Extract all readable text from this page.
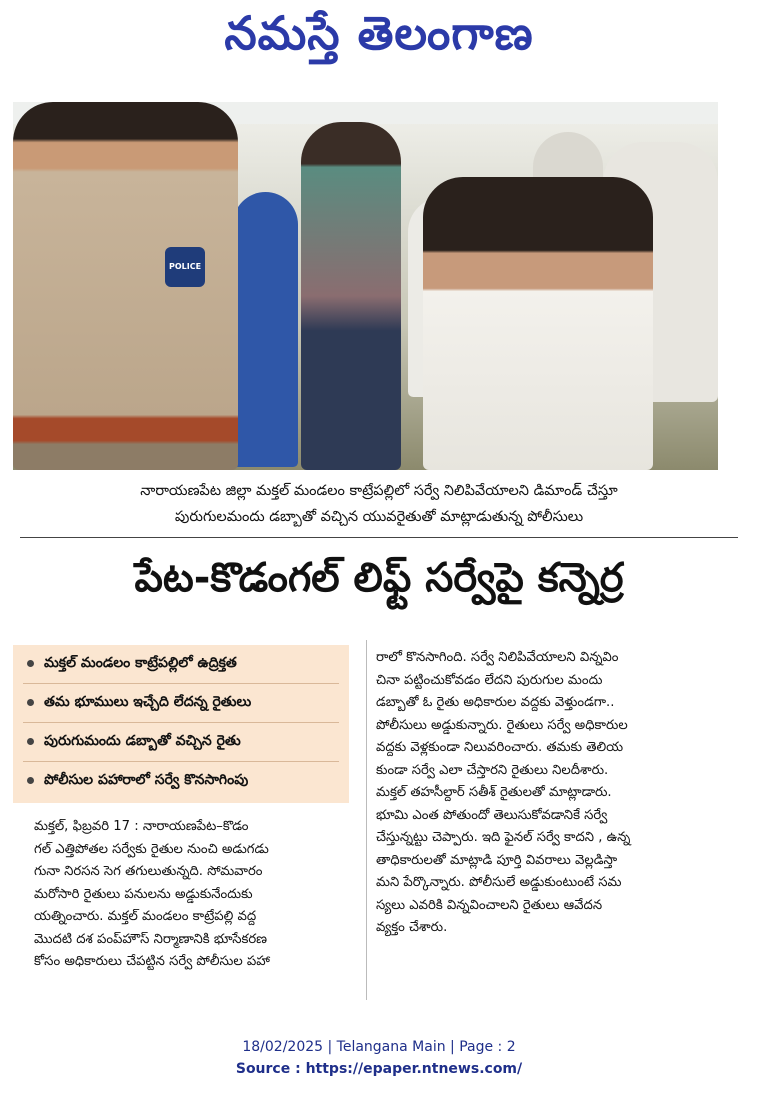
నమస్తే తెలంగాణ
POLICE
నారాయణపేట జిల్లా మక్తల్ మండలం కాట్రేపల్లిలో సర్వే నిలిపివేయాలని డిమాండ్ చేస్తూ
పురుగులమందు డబ్బాతో వచ్చిన యువరైతుతో మాట్లాడుతున్న పోలీసులు
పేట-కొడంగల్ లిఫ్ట్ సర్వేపై కన్నెర్ర
మక్తల్ మండలం కాట్రేపల్లిలో ఉద్రిక్తత
తమ భూములు ఇచ్చేది లేదన్న రైతులు
పురుగుమందు డబ్బాతో వచ్చిన రైతు
పోలీసుల పహారాలో సర్వే కొనసాగింపు
మక్తల్, ఫిబ్రవరి 17 : నారాయణపేట–కొడం
గల్ ఎత్తిపోతల సర్వేకు రైతుల నుంచి అడుగడు
గునా నిరసన సెగ తగులుతున్నది. సోమవారం
మరోసారి రైతులు పనులను అడ్డుకునేందుకు
యత్నించారు. మక్తల్ మండలం కాట్రేపల్లి వద్ద
మొదటి దశ పంప్‌హౌస్ నిర్మాణానికి భూసేకరణ
కోసం అధికారులు చేపట్టిన సర్వే పోలీసుల పహా
రాలో కొనసాగింది. సర్వే నిలిపివేయాలని విన్నవిం
చినా పట్టించుకోవడం లేదని పురుగుల మందు
డబ్బాతో ఓ రైతు అధికారుల వద్దకు వెళ్తుండగా..
పోలీసులు అడ్డుకున్నారు. రైతులు సర్వే అధికారుల
వద్దకు వెళ్లకుండా నిలువరించారు. తమకు తెలియ
కుండా సర్వే ఎలా చేస్తారని రైతులు నిలదీశారు.
మక్తల్ తహసీల్దార్ సతీశ్ రైతులతో మాట్లాడారు.
భూమి ఎంత పోతుందో తెలుసుకోవడానికే సర్వే
చేస్తున్నట్టు చెప్పారు. ఇది ఫైనల్ సర్వే కాదని , ఉన్న
తాధికారులతో మాట్లాడి పూర్తి వివరాలు వెల్లడిస్తా
మని పేర్కొన్నారు. పోలీసులే అడ్డుకుంటుంటే సమ
స్యలు ఎవరికి విన్నవించాలని రైతులు ఆవేదన
వ్యక్తం చేశారు.
18/02/2025 | Telangana Main | Page : 2
Source : https://epaper.ntnews.com/
